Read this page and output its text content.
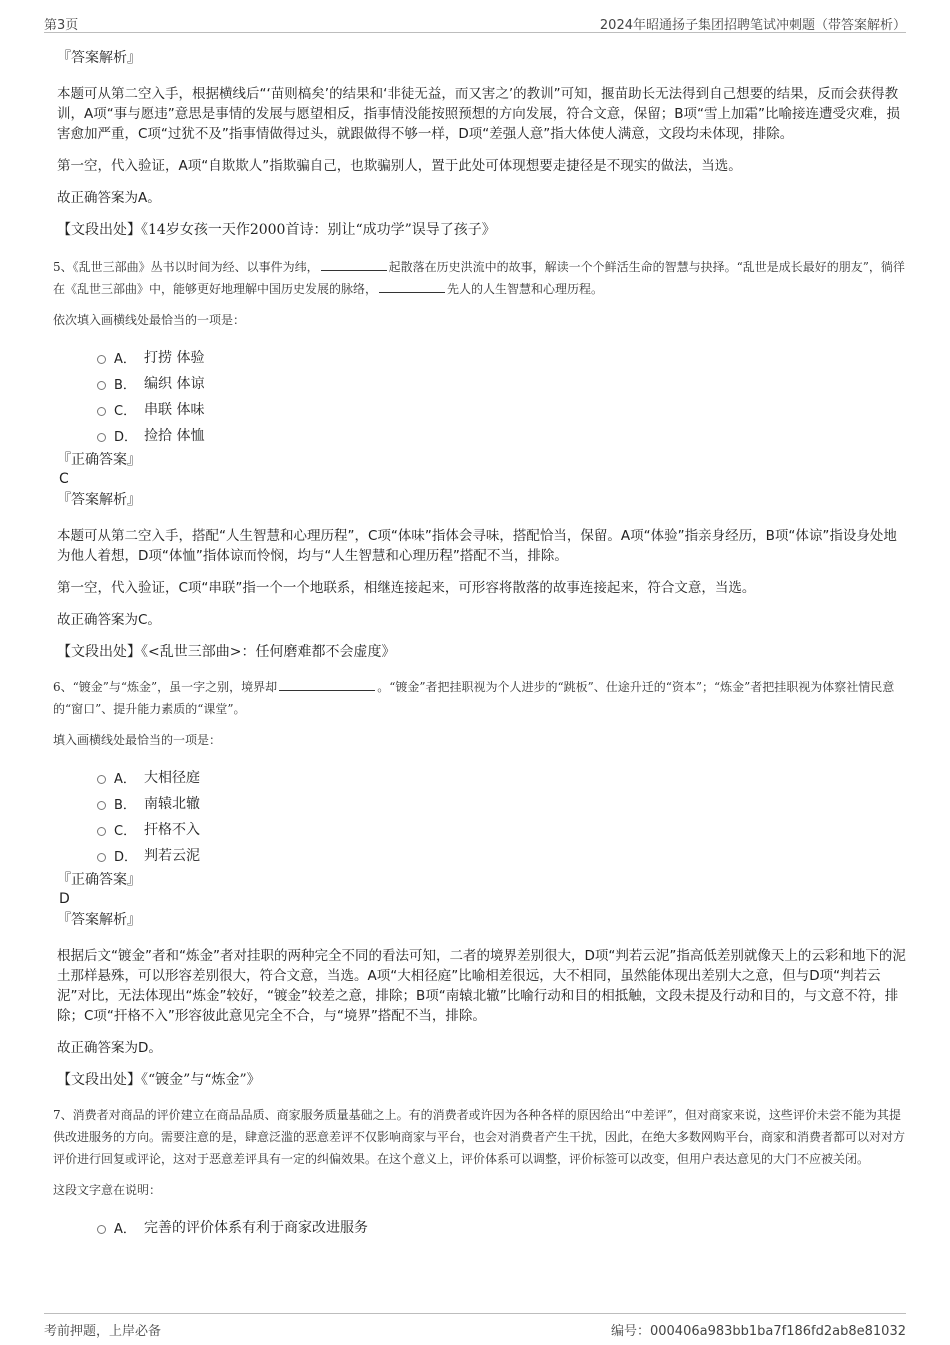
第3页	2024年昭通扬子集团招聘笔试冲刺题（带答案解析）

『答案解析』

本题可从第二空入手，根据横线后“‘苗则槁矣’的结果和‘非徒无益，而又害之’的教训”可知，揠苗助长无法得到自己想要的结果，反而会获得教训，A项“事与愿违”意思是事情的发展与愿望相反，指事情没能按照预想的方向发展，符合文意，保留；B项“雪上加霜”比喻接连遭受灾难，损害愈加严重，C项“过犹不及”指事情做得过头，就跟做得不够一样，D项“差强人意”指大体使人满意，文段均未体现，排除。

第一空，代入验证，A项“自欺欺人”指欺骗自己，也欺骗别人，置于此处可体现想要走捷径是不现实的做法，当选。

故正确答案为A。

【文段出处】《14岁女孩一天作2000首诗：别让“成功学”误导了孩子》

5、《乱世三部曲》丛书以时间为经、以事件为纬，	起散落在历史洪流中的故事，解读一个个鲜活生命的智慧与抉择。“乱世是成长最好的朋友”，徜徉在《乱世三部曲》中，能够更好地理解中国历史发展的脉络，	先人的人生智慧和心理历程。

依次填入画横线处最恰当的一项是：

A． 打捞 体验
B． 编织 体谅
C． 串联 体味
D． 捡拾 体恤

『正确答案』

C

『答案解析』

本题可从第二空入手，搭配“人生智慧和心理历程”，C项“体味”指体会寻味，搭配恰当，保留。A项“体验”指亲身经历，B项“体谅”指设身处地为他人着想，D项“体恤”指体谅而怜悯，均与“人生智慧和心理历程”搭配不当，排除。

第一空，代入验证，C项“串联”指一个一个地联系，相继连接起来，可形容将散落的故事连接起来，符合文意，当选。

故正确答案为C。

【文段出处】《<乱世三部曲>：任何磨难都不会虚度》

6、“镀金”与“炼金”，虽一字之别，境界却	。“镀金”者把挂职视为个人进步的“跳板”、仕途升迁的“资本”；“炼金”者把挂职视为体察社情民意的“窗口”、提升能力素质的“课堂”。

填入画横线处最恰当的一项是：

A． 大相径庭
B． 南辕北辙
C． 扞格不入
D． 判若云泥

『正确答案』

D

『答案解析』

根据后文“镀金”者和“炼金”者对挂职的两种完全不同的看法可知，二者的境界差别很大，D项“判若云泥”指高低差别就像天上的云彩和地下的泥土那样悬殊，可以形容差别很大，符合文意，当选。A项“大相径庭”比喻相差很远，大不相同，虽然能体现出差别大之意，但与D项“判若云泥”对比，无法体现出“炼金”较好，“镀金”较差之意，排除；B项“南辕北辙”比喻行动和目的相抵触，文段未提及行动和目的，与文意不符，排除；C项“扞格不入”形容彼此意见完全不合，与“境界”搭配不当，排除。

故正确答案为D。

【文段出处】《“镀金”与“炼金”》

7、消费者对商品的评价建立在商品品质、商家服务质量基础之上。有的消费者或许因为各种各样的原因给出“中差评”，但对商家来说，这些评价未尝不能为其提供改进服务的方向。需要注意的是，肆意泛滥的恶意差评不仅影响商家与平台，也会对消费者产生干扰，因此，在绝大多数网购平台，商家和消费者都可以对对方评价进行回复或评论，这对于恶意差评具有一定的纠偏效果。在这个意义上，评价体系可以调整，评价标签可以改变，但用户表达意见的大门不应被关闭。

这段文字意在说明：

A． 完善的评价体系有利于商家改进服务
考前押题，上岸必备	编号：000406a983bb1ba7f186fd2ab8e81032
